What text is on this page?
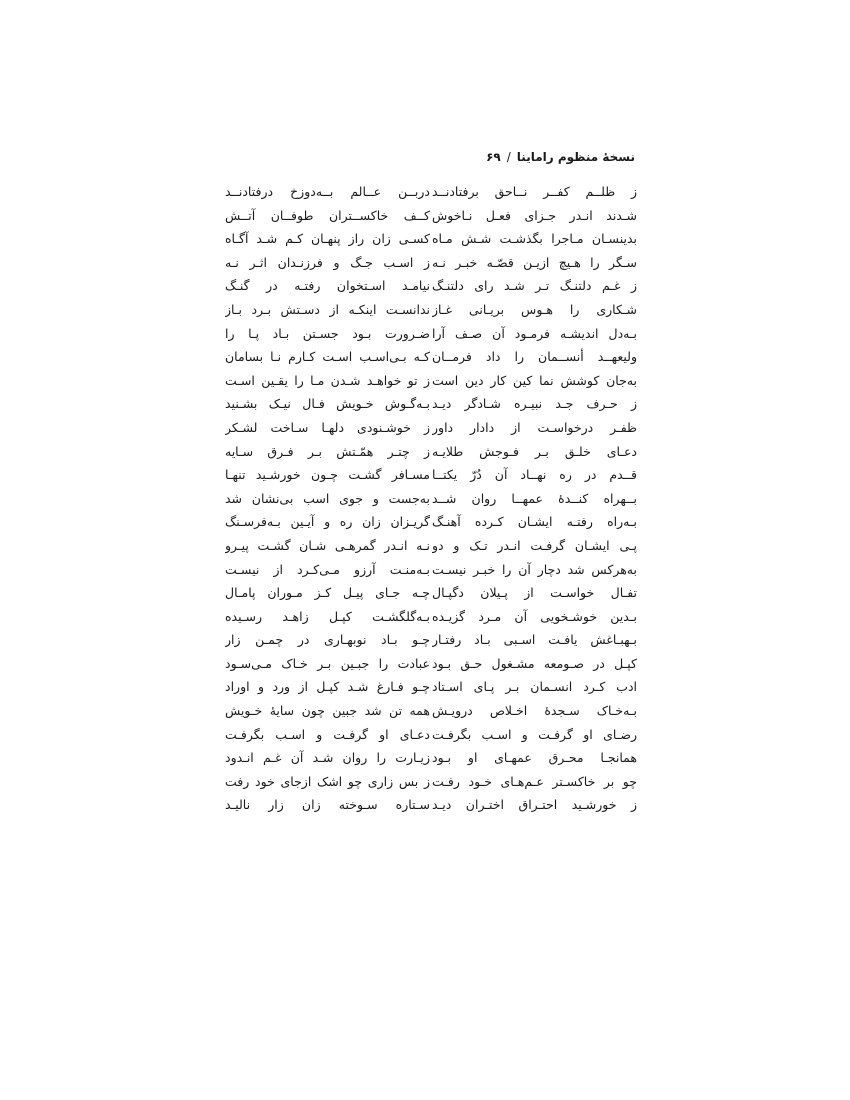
نسخهٔ منظوم راماینا/۶۹
ز ظلــم کفــر نــاحق برفتادنــد
شـدند انـدر جـزای فعـل نـاخوش
بدینسـان مـاجرا بگذشـت شـش مـاه
سـگر را هـیچ ازیـن قصّـه خبـر نـه
ز غـم دلتنـگ تـر شـد رای دلتنـگ
شـکاری را هـوس بریـانی غـاز
بـه‌دل اندیشـه فرمـود آن صـف آرا
ولیعهــد أنســمان را داد فرمــان
به‌جان کوشش نما کین کار دین است
ز حـرف جـد نبیـره شـادگر دیـد
ظفـر درخواسـت از دادار داور
دعـای خلـق بـر فـوجش طلایـه
قــدم در ره نهــاد آن دُرّ یکتــا
بــهراه کنــدهٔ عمهــا روان شــد
بـه‌راه رفتـه ایشـان کـرده آهنـگ
پـی ایشـان گرفـت انـدر تـک و دو
به‌هرکس شد دچار آن را خبـر نیسـت
تفـال خواسـت از پـیلان دگپـال
بـدین خوشـخویی آن مـرد گزیـده
بـهبـاغش یافـت اسـبی بـاد رفتـار
کپـل در صـومعه مشـغول حـق بـود
ادب کـرد انسـمان بـر پـای اسـتاد
بـه‌خـاک سـجدهٔ اخـلاص درویـش
رضـای او گرفـت و اسـب بگرفـت
همانجـا محـرق عمهـای او بـود
چو بر خاکسـتر عـم‌هـای خـود رفـت
ز خورشـید احتـراق اختـران دیـد
دربــن عــالم بــه‌دوزخ درفتادنــد
کــف خاکســتران طوفــان آتــش
کسـی زان راز پنهـان کـم شـد آگـاه
ز اسـب جـگ و فرزنـدان اثـر نـه
نیامـد اسـتخوان رفتـه در گنـگ
ندانسـت اینکـه از دسـتش بـرد بـاز
ضـرورت بـود جسـتن بـاد پـا را
کـه بـی‌اسـب اسـت کـارم نـا بسامان
ز تو خواهـد شـدن مـا را یقـین اسـت
بـه‌گـوش خـویش فـال نیـک بشـنید
ز خوشـنودی دلهـا سـاخت لشـکر
ز چتـر همّـتش بـر فـرق سـایه
مسـافر گشـت چـون خورشـید تنهـا
به‌جست و جوی اسب بی‌نشان شد
گریـزان زان ره و آیـین بـه‌فرسـنگ
نـه انـدر گمرهـی شـان گشـت پیـرو
بـه‌منـت آرزو مـی‌کـرد از نیسـت
چـه جـای پیـل کـز مـوران پامـال
بـه‌گلگشـت کپـل زاهـد رسـیده
چـو بـاد نوبهـاری در چمـن زار
عبادت را جبـین بـر خـاک مـی‌سـود
چـو فـارغ شـد کپـل از ورد و اوراد
همه تن شد جبین چون سایهٔ خـویش
دعـای او گرفـت و اسـب بگرفـت
زیـارت را روان شـد آن غـم انـدود
ز بس زاری چو اشک ازجای خود رفت
سـتاره سـوخته زان زار نالیـد
